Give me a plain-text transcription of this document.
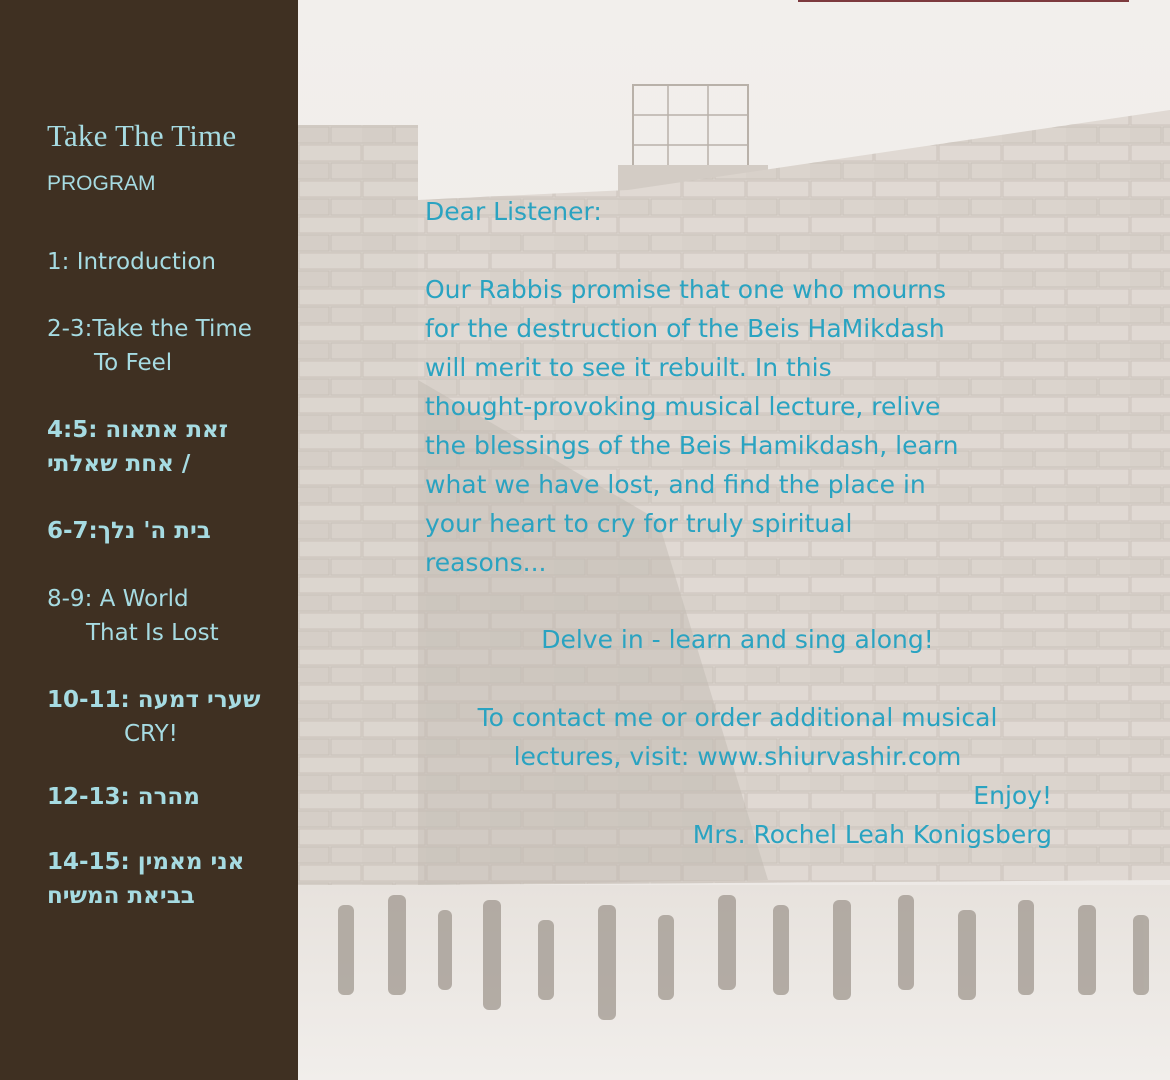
Take The Time
PROGRAM
1: Introduction
2-3:Take the Time
To Feel
4:5: זאת אתאוה
אחת שאלתי /
6-7:בית ה' נלך
8-9: A World
That Is Lost
10-11: שערי דמעה
CRY!
12-13: מהרה
14-15: אני מאמין
בביאת המשיח
Dear Listener:
Our Rabbis promise that one who mourns
for the destruction of the Beis HaMikdash
will merit to see it rebuilt. In this
thought-provoking musical lecture, relive
the blessings of the Beis Hamikdash, learn
what we have lost, and find the place in
your heart to cry for truly spiritual
reasons...
Delve in - learn and sing along!
To contact me or order additional musical
lectures, visit: www.shiurvashir.com
Enjoy!
Mrs. Rochel Leah Konigsberg
